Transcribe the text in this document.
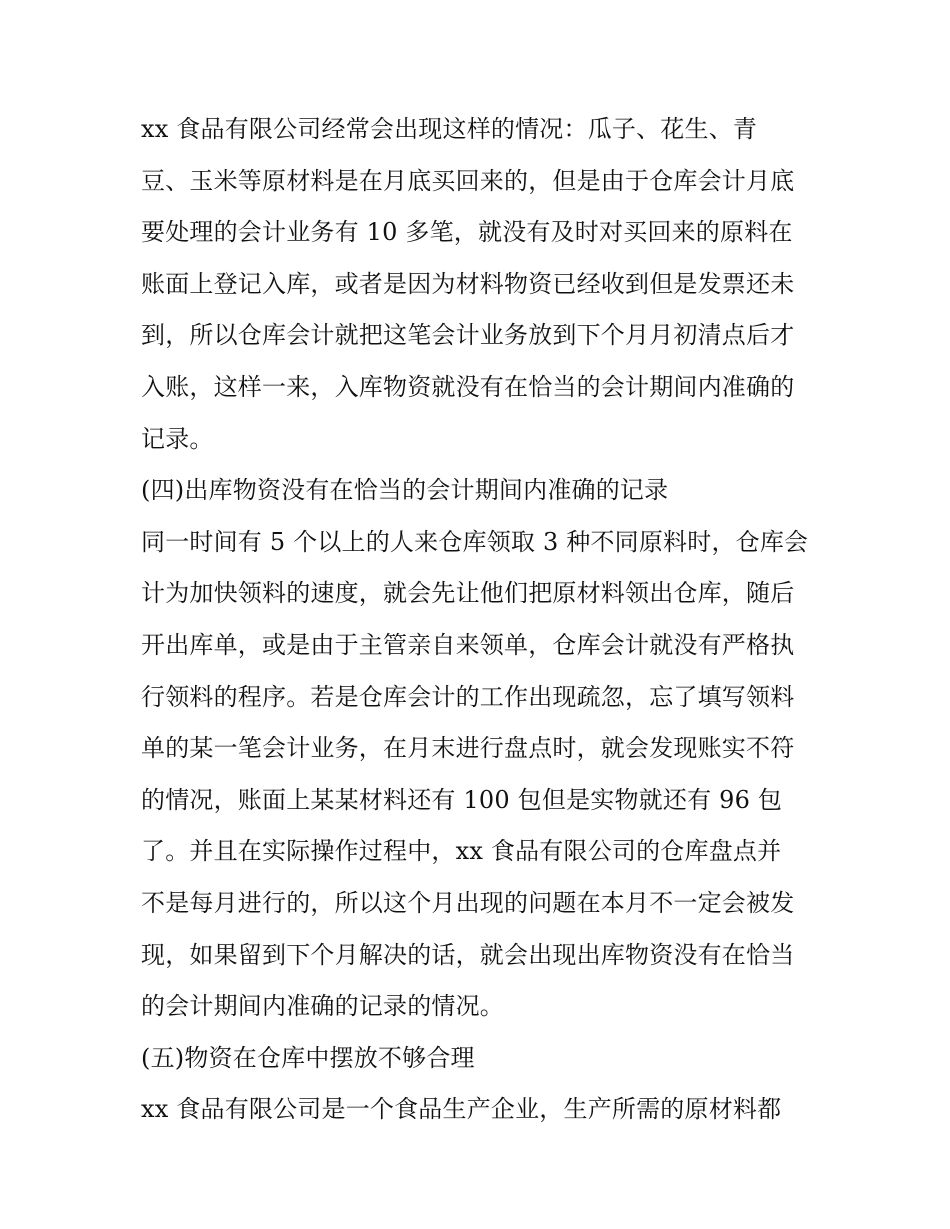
xx 食品有限公司经常会出现这样的情况：瓜子、花生、青
豆、玉米等原材料是在月底买回来的，但是由于仓库会计月底
要处理的会计业务有 10 多笔，就没有及时对买回来的原料在
账面上登记入库，或者是因为材料物资已经收到但是发票还未
到，所以仓库会计就把这笔会计业务放到下个月月初清点后才
入账，这样一来，入库物资就没有在恰当的会计期间内准确的
记录。
(四)出库物资没有在恰当的会计期间内准确的记录
同一时间有 5 个以上的人来仓库领取 3 种不同原料时，仓库会
计为加快领料的速度，就会先让他们把原材料领出仓库，随后
开出库单，或是由于主管亲自来领单，仓库会计就没有严格执
行领料的程序。若是仓库会计的工作出现疏忽，忘了填写领料
单的某一笔会计业务，在月末进行盘点时，就会发现账实不符
的情况，账面上某某材料还有 100 包但是实物就还有 96 包
了。并且在实际操作过程中，xx 食品有限公司的仓库盘点并
不是每月进行的，所以这个月出现的问题在本月不一定会被发
现，如果留到下个月解决的话，就会出现出库物资没有在恰当
的会计期间内准确的记录的情况。
(五)物资在仓库中摆放不够合理
xx 食品有限公司是一个食品生产企业，生产所需的原材料都
